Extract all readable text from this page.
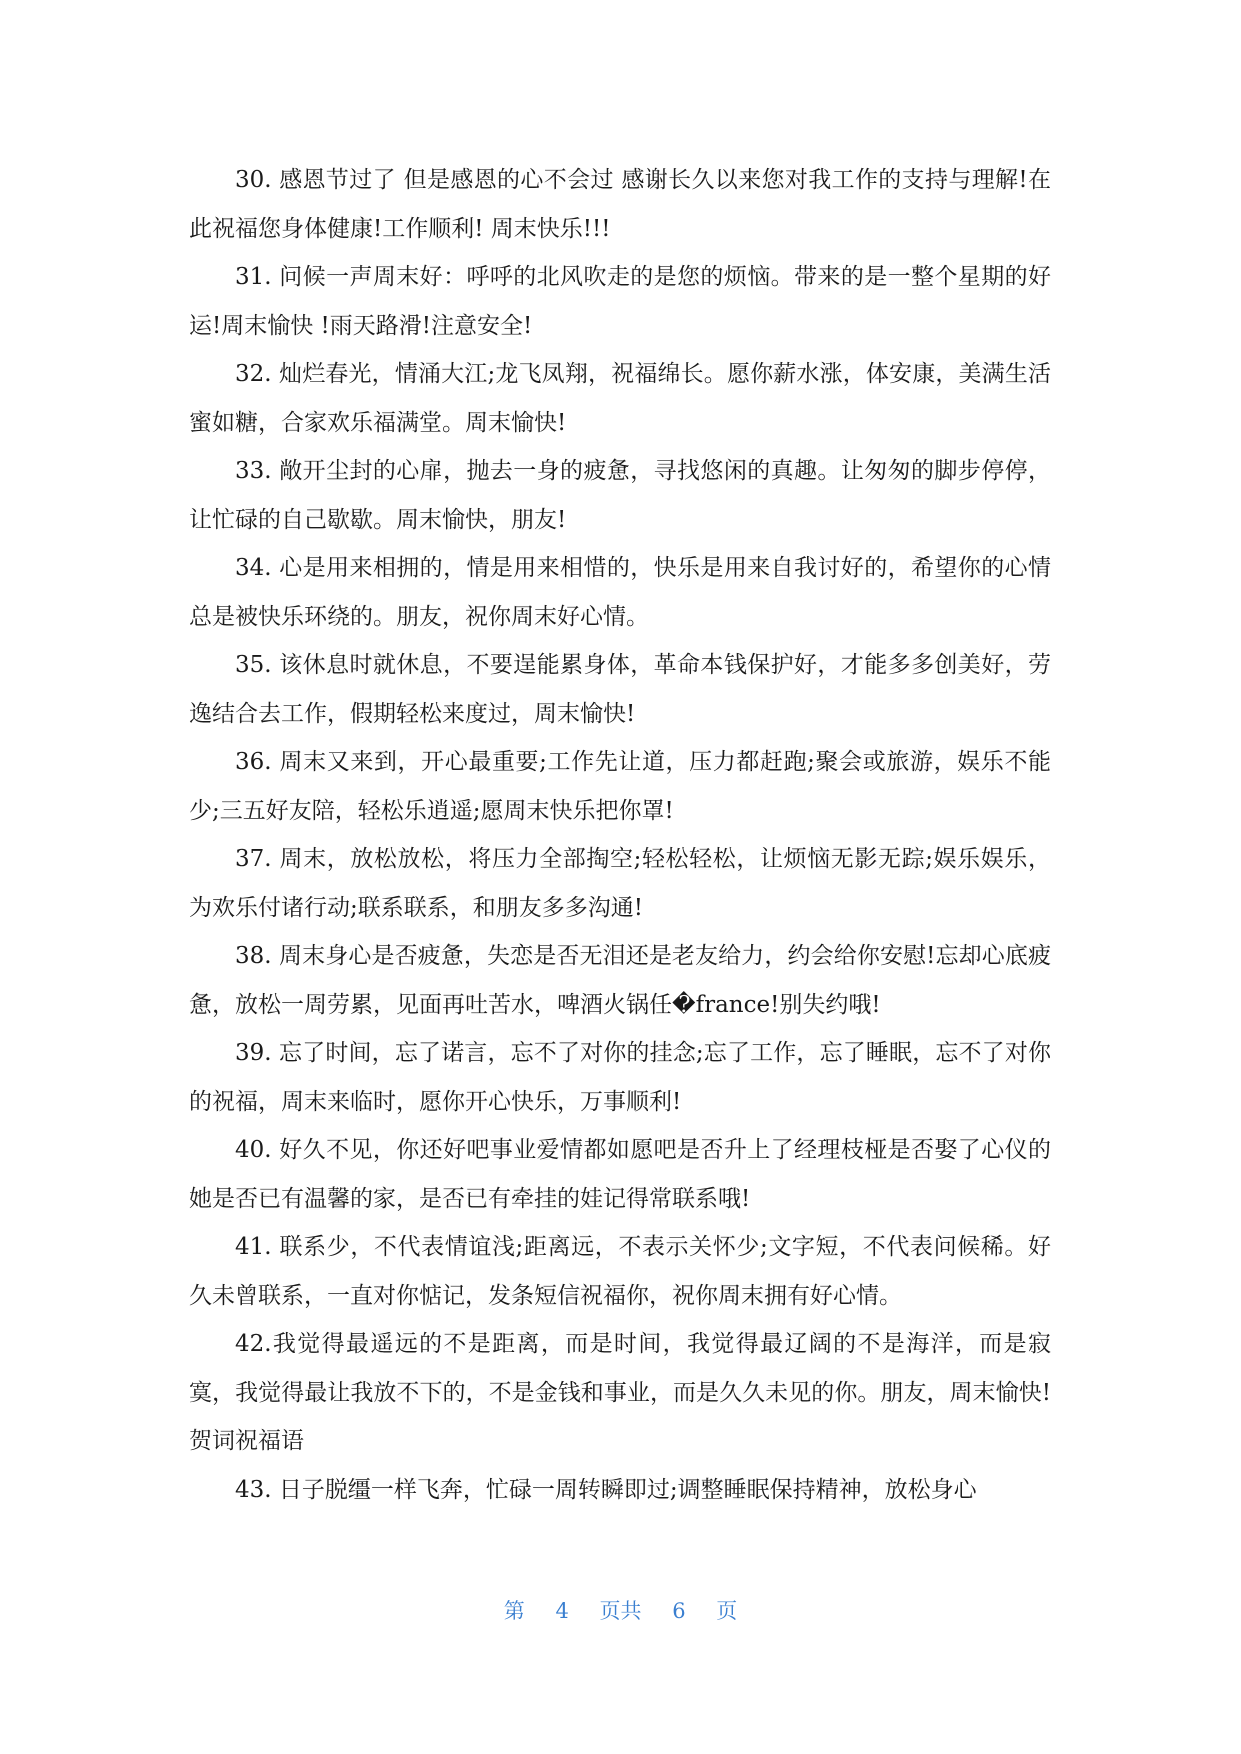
30. 感恩节过了 但是感恩的心不会过 感谢长久以来您对我工作的支持与理解!在此祝福您身体健康!工作顺利! 周末快乐!!!

31. 问候一声周末好：呼呼的北风吹走的是您的烦恼。带来的是一整个星期的好运!周末愉快 !雨天路滑!注意安全!

32. 灿烂春光，情涌大江;龙飞凤翔，祝福绵长。愿你薪水涨，体安康，美满生活蜜如糖，合家欢乐福满堂。周末愉快!

33. 敞开尘封的心扉，抛去一身的疲惫，寻找悠闲的真趣。让匆匆的脚步停停，让忙碌的自己歇歇。周末愉快，朋友!

34. 心是用来相拥的，情是用来相惜的，快乐是用来自我讨好的，希望你的心情总是被快乐环绕的。朋友，祝你周末好心情。

35. 该休息时就休息，不要逞能累身体，革命本钱保护好，才能多多创美好，劳逸结合去工作，假期轻松来度过，周末愉快!

36. 周末又来到，开心最重要;工作先让道，压力都赶跑;聚会或旅游，娱乐不能少;三五好友陪，轻松乐逍遥;愿周末快乐把你罩!

37. 周末，放松放松，将压力全部掏空;轻松轻松，让烦恼无影无踪;娱乐娱乐，为欢乐付诸行动;联系联系，和朋友多多沟通!

38. 周末身心是否疲惫，失恋是否无泪还是老友给力，约会给你安慰!忘却心底疲惫，放松一周劳累，见面再吐苦水，啤酒火锅任�france!别失约哦!

39. 忘了时间，忘了诺言，忘不了对你的挂念;忘了工作，忘了睡眠，忘不了对你的祝福，周末来临时，愿你开心快乐，万事顺利!

40. 好久不见，你还好吧事业爱情都如愿吧是否升上了经理枝桠是否娶了心仪的她是否已有温馨的家，是否已有牵挂的娃记得常联系哦!

41. 联系少，不代表情谊浅;距离远，不表示关怀少;文字短，不代表问候稀。好久未曾联系，一直对你惦记，发条短信祝福你，祝你周末拥有好心情。

42.我觉得最遥远的不是距离，而是时间，我觉得最辽阔的不是海洋，而是寂寞，我觉得最让我放不下的，不是金钱和事业，而是久久未见的你。朋友，周末愉快!贺词祝福语

43. 日子脱缰一样飞奔，忙碌一周转瞬即过;调整睡眠保持精神，放松身心

第 4 页共 6 页
